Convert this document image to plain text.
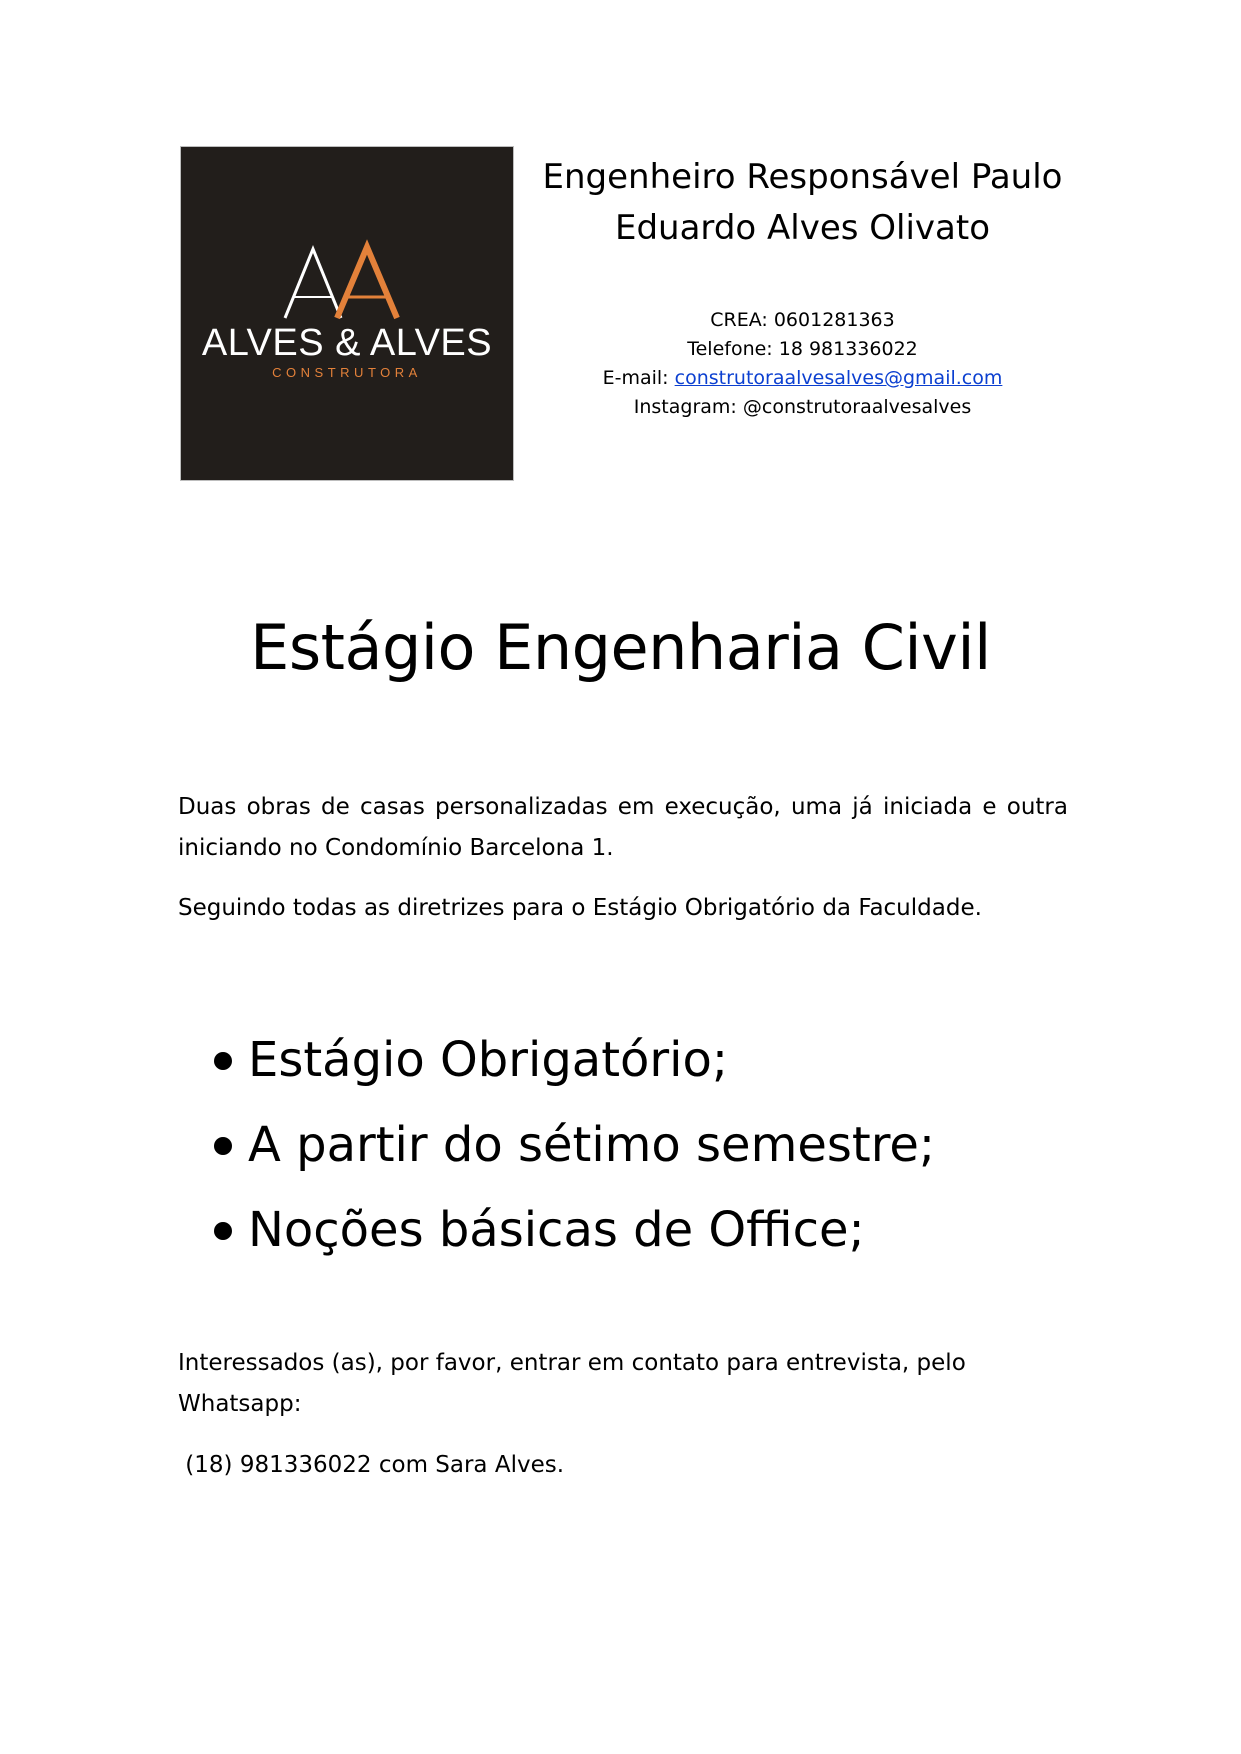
ALVES & ALVES
CONSTRUTORA
Engenheiro Responsável Paulo
Eduardo Alves Olivato
CREA: 0601281363
Telefone: 18 981336022
E-mail: construtoraalvesalves@gmail.com
Instagram: @construtoraalvesalves
Estágio Engenharia Civil

Duas obras de casas personalizadas em execução, uma já iniciada e outra iniciando no Condomínio Barcelona 1.

Seguindo todas as diretrizes para o Estágio Obrigatório da Faculdade.

Estágio Obrigatório;
A partir do sétimo semestre;
Noções básicas de Office;

Interessados (as), por favor, entrar em contato para entrevista, pelo Whatsapp:

(18) 981336022 com Sara Alves.
